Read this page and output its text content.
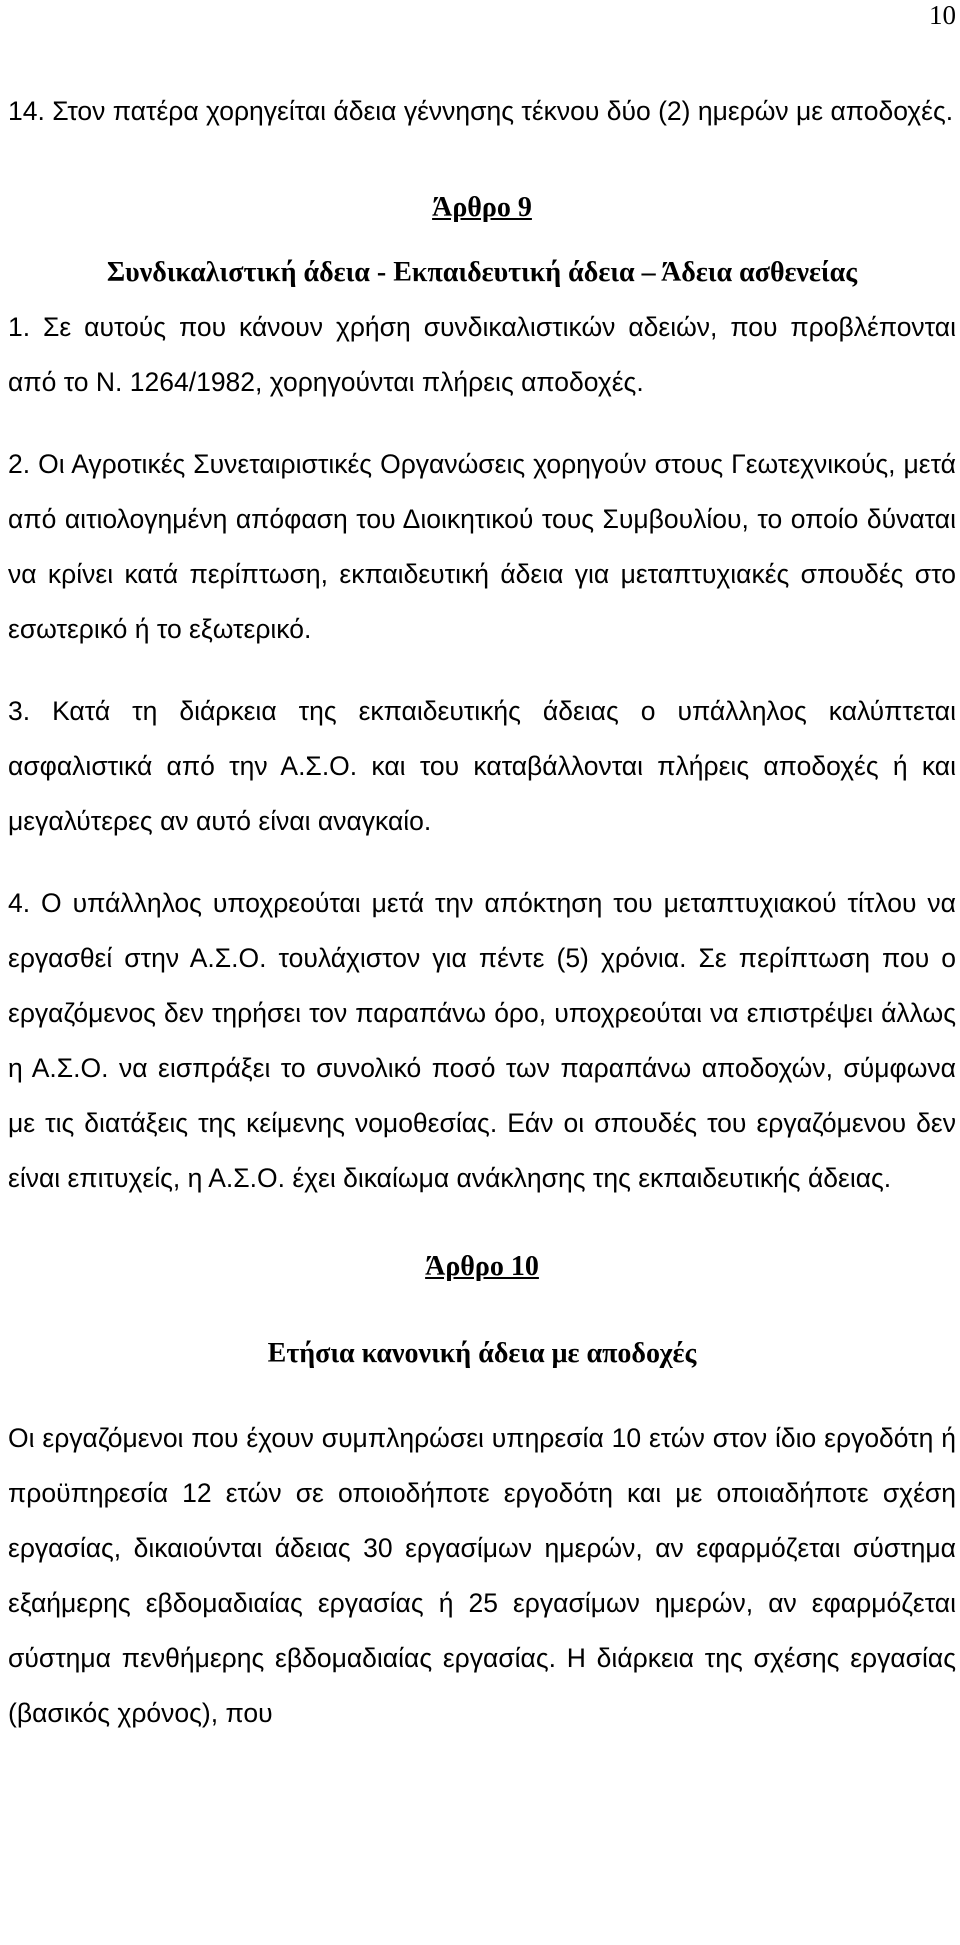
10

14. Στον πατέρα χορηγείται άδεια γέννησης τέκνου δύο (2) ημερών με αποδοχές.

Άρθρο 9
Συνδικαλιστική άδεια - Εκπαιδευτική άδεια – Άδεια ασθενείας

1. Σε αυτούς που κάνουν χρήση συνδικαλιστικών αδειών, που προβλέπονται από το Ν. 1264/1982, χορηγούνται πλήρεις αποδοχές.

2. Οι Αγροτικές Συνεταιριστικές Οργανώσεις χορηγούν στους Γεωτεχνικούς, μετά από αιτιολογημένη απόφαση του Διοικητικού τους Συμβουλίου, το οποίο δύναται να κρίνει κατά περίπτωση, εκπαιδευτική άδεια για μεταπτυχιακές σπουδές στο εσωτερικό ή το εξωτερικό.

3. Κατά τη διάρκεια της εκπαιδευτικής άδειας ο υπάλληλος καλύπτεται ασφαλιστικά από την Α.Σ.Ο. και του καταβάλλονται πλήρεις αποδοχές ή και μεγαλύτερες αν αυτό είναι αναγκαίο.

4. Ο υπάλληλος υποχρεούται μετά την απόκτηση του μεταπτυχιακού τίτλου να εργασθεί στην Α.Σ.Ο. τουλάχιστον για πέντε (5) χρόνια. Σε περίπτωση που ο εργαζόμενος δεν τηρήσει τον παραπάνω όρο, υποχρεούται να επιστρέψει άλλως η Α.Σ.Ο. να εισπράξει το συνολικό ποσό των παραπάνω αποδοχών, σύμφωνα με τις διατάξεις της κείμενης νομοθεσίας. Εάν οι σπουδές του εργαζόμενου δεν είναι επιτυχείς, η Α.Σ.Ο. έχει δικαίωμα ανάκλησης της εκπαιδευτικής άδειας.

Άρθρο 10
Ετήσια κανονική άδεια με αποδοχές

Οι εργαζόμενοι που έχουν συμπληρώσει υπηρεσία 10 ετών στον ίδιο εργοδότη ή προϋπηρεσία 12 ετών σε οποιοδήποτε εργοδότη και με οποιαδήποτε σχέση εργασίας, δικαιούνται άδειας 30 εργασίμων ημερών, αν εφαρμόζεται σύστημα εξαήμερης εβδομαδιαίας εργασίας ή 25 εργασίμων ημερών, αν εφαρμόζεται σύστημα πενθήμερης εβδομαδιαίας εργασίας. Η διάρκεια της σχέσης εργασίας (βασικός χρόνος), που
